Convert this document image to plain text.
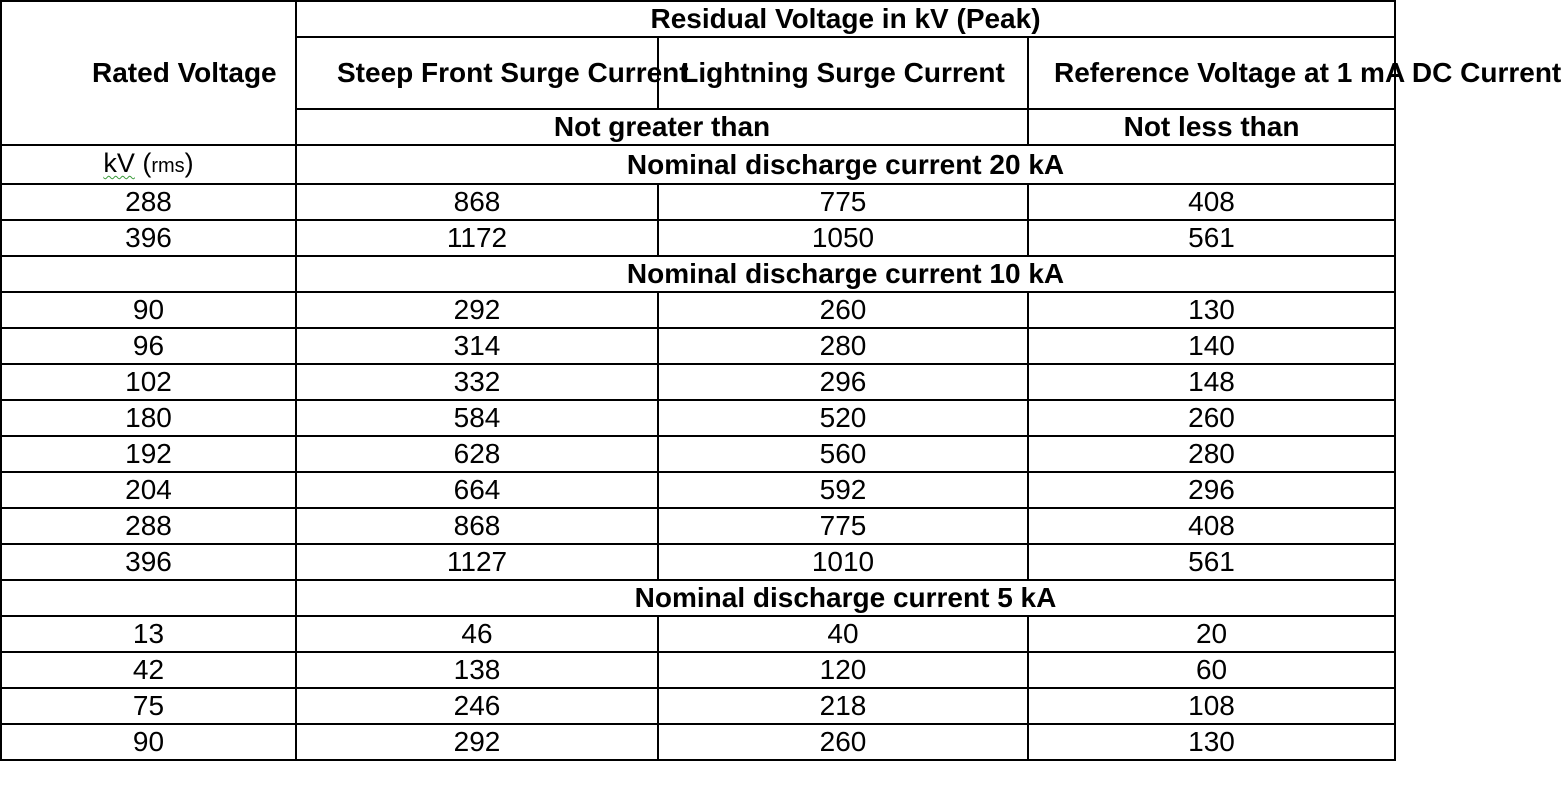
Rated Voltage	Residual Voltage in kV (Peak)		
	Steep Front Surge Current	Lightning Surge Current	Reference Voltage at 1 mA DC Current
	Not greater than		Not less than
kV (rms)	Nominal discharge current 20 kA		
288	868	775	408
396	1172	1050	561
	Nominal discharge current 10 kA		
90	292	260	130
96	314	280	140
102	332	296	148
180	584	520	260
192	628	560	280
204	664	592	296
288	868	775	408
396	1127	1010	561
	Nominal discharge current 5 kA		
13	46	40	20
42	138	120	60
75	246	218	108
90	292	260	130
